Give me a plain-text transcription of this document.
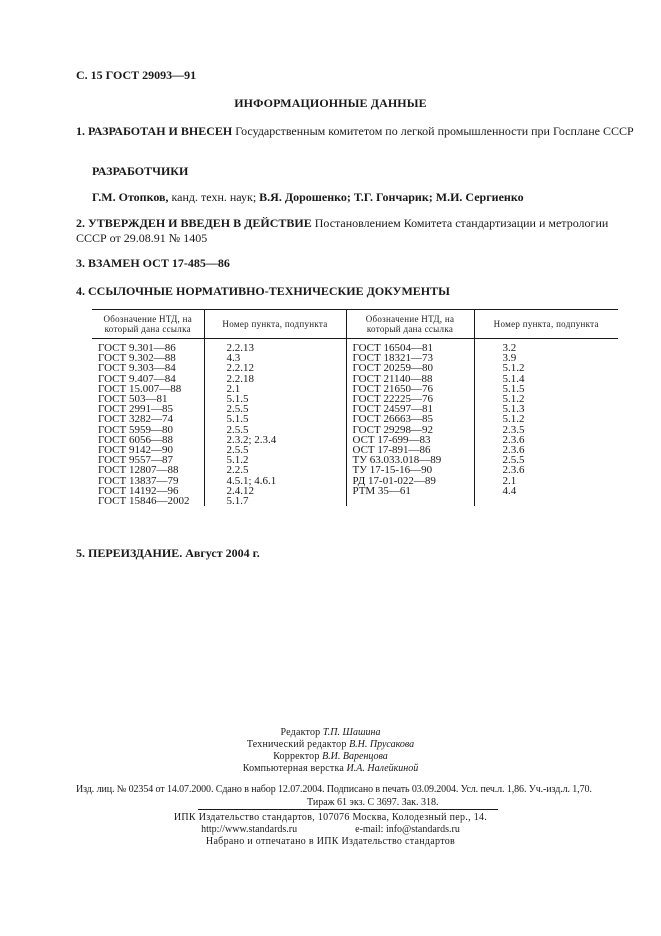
С. 15 ГОСТ 29093—91
ИНФОРМАЦИОННЫЕ ДАННЫЕ
1. РАЗРАБОТАН И ВНЕСЕН Государственным комитетом по легкой промышленности при Госплане СССР
РАЗРАБОТЧИКИ
Г.М. Отопков, канд. техн. наук; В.Я. Дорошенко; Т.Г. Гончарик; М.И. Сергиенко
2. УТВЕРЖДЕН И ВВЕДЕН В ДЕЙСТВИЕ Постановлением Комитета стандартизации и метрологии СССР от 29.08.91 № 1405
3. ВЗАМЕН ОСТ 17-485—86
4. ССЫЛОЧНЫЕ НОРМАТИВНО-ТЕХНИЧЕСКИЕ ДОКУМЕНТЫ
Обозначение НТД, на который дана ссылка	Номер пункта, подпункта	Обозначение НТД, на который дана ссылка	Номер пункта, подпункта
ГОСТ 9.301—86	2.2.13	ГОСТ 16504—81	3.2
ГОСТ 9.302—88	4.3	ГОСТ 18321—73	3.9
ГОСТ 9.303—84	2.2.12	ГОСТ 20259—80	5.1.2
ГОСТ 9.407—84	2.2.18	ГОСТ 21140—88	5.1.4
ГОСТ 15.007—88	2.1	ГОСТ 21650—76	5.1.5
ГОСТ 503—81	5.1.5	ГОСТ 22225—76	5.1.2
ГОСТ 2991—85	2.5.5	ГОСТ 24597—81	5.1.3
ГОСТ 3282—74	5.1.5	ГОСТ 26663—85	5.1.2
ГОСТ 5959—80	2.5.5	ГОСТ 29298—92	2.3.5
ГОСТ 6056—88	2.3.2; 2.3.4	ОСТ 17-699—83	2.3.6
ГОСТ 9142—90	2.5.5	ОСТ 17-891—86	2.3.6
ГОСТ 9557—87	5.1.2	ТУ 63.033.018—89	2.5.5
ГОСТ 12807—88	2.2.5	ТУ 17-15-16—90	2.3.6
ГОСТ 13837—79	4.5.1; 4.6.1	РД 17-01-022—89	2.1
ГОСТ 14192—96	2.4.12	РТМ 35—61	4.4
ГОСТ 15846—2002	5.1.7		
5. ПЕРЕИЗДАНИЕ. Август 2004 г.
Редактор Т.П. Шашина
Технический редактор В.Н. Прусакова
Корректор В.И. Варенцова
Компьютерная верстка И.А. Налейкиной
Изд. лиц. № 02354 от 14.07.2000. Сдано в набор 12.07.2004. Подписано в печать 03.09.2004. Усл. печ.л. 1,86. Уч.-изд.л. 1,70.
Тираж 61 экз. С 3697. Зак. 318.
ИПК Издательство стандартов, 107076 Москва, Колодезный пер., 14.
http://www.standards.ru	e-mail: info@standards.ru
Набрано и отпечатано в ИПК Издательство стандартов
